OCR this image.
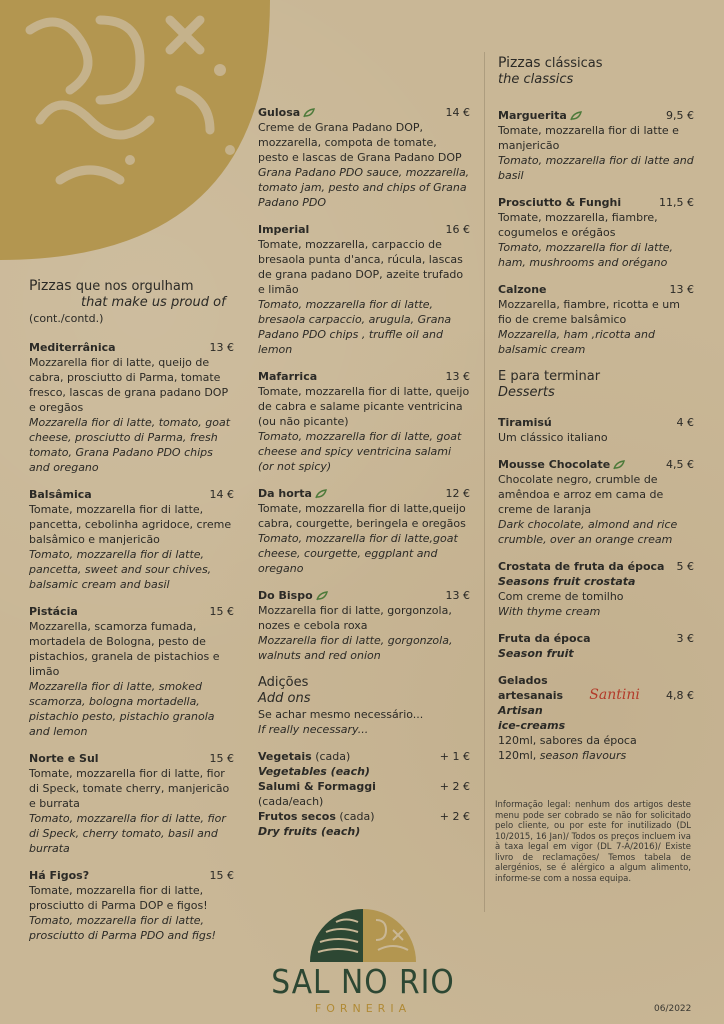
Pizzas que nos orgulham
that make us proud of
(cont./contd.)
Mediterrânica	13 €
Mozzarella fior di latte, queijo de cabra, prosciutto di Parma, tomate fresco, lascas de grana padano DOP e oregãos
Mozzarella fior di latte, tomato, goat cheese, prosciutto di Parma, fresh tomato, Grana Padano PDO chips and oregano
Balsâmica	14 €
Tomate, mozzarella fior di latte, pancetta, cebolinha agridoce, creme balsâmico e manjericão
Tomato, mozzarella fior di latte, pancetta, sweet and sour chives, balsamic cream and basil
Pistácia	15 €
Mozzarella, scamorza fumada, mortadela de Bologna, pesto de pistachios, granela de pistachios e limão
Mozzarella fior di latte, smoked scamorza, bologna mortadella, pistachio pesto, pistachio granola and lemon
Norte e Sul	15 €
Tomate, mozzarella fior di latte, fior di Speck, tomate cherry, manjericão e burrata
Tomato, mozzarella fior di latte, fior di Speck, cherry tomato, basil and burrata
Há Figos?	15 €
Tomate, mozzarella fior di latte, prosciutto di Parma DOP e figos!
Tomato, mozzarella fior di latte, prosciutto di Parma PDO and figs!
Gulosa	14 €
Creme de Grana Padano DOP, mozzarella, compota de tomate, pesto e lascas de Grana Padano DOP
Grana Padano PDO sauce, mozzarella, tomato jam, pesto and chips of Grana Padano PDO
Imperial	16 €
Tomate, mozzarella, carpaccio de bresaola punta d'anca, rúcula, lascas de grana padano DOP, azeite trufado e limão
Tomato, mozzarella fior di latte, bresaola carpaccio, arugula, Grana Padano PDO chips , truffle oil and lemon
Mafarrica	13 €
Tomate, mozzarella fior di latte, queijo de cabra e salame picante ventricina (ou não picante)
Tomato, mozzarella fior di latte, goat cheese and spicy ventricina salami (or not spicy)
Da horta	12 €
Tomate, mozzarella fior di latte,queijo cabra, courgette, beringela e oregãos
Tomato, mozzarella fior di latte,goat cheese, courgette, eggplant and oregano
Do Bispo	13 €
Mozzarella fior di latte, gorgonzola, nozes e cebola roxa
Mozzarella fior di latte, gorgonzola, walnuts and red onion
Adições
Add ons
Se achar mesmo necessário...
If really necessary...
Vegetais (cada)	+ 1 €
Vegetables (each)
Salumi & Formaggi	+ 2 €
(cada/each)
Frutos secos (cada)	+ 2 €
Dry fruits (each)
SAL NO RIO
FORNERIA
Pizzas clássicas
the classics
Marguerita	9,5 €
Tomate, mozzarella fior di latte e manjericão
Tomato, mozzarella fior di latte and basil
Prosciutto & Funghi	11,5 €
Tomate, mozzarella, fiambre, cogumelos e orégãos
Tomato, mozzarella fior di latte, ham, mushrooms and orégano
Calzone	13 €
Mozzarella, fiambre, ricotta e um fio de creme balsâmico
Mozzarella, ham ,ricotta and balsamic cream
E para terminar
Desserts
Tiramisú	4 €
Um clássico italiano
Mousse Chocolate	4,5 €
Chocolate negro, crumble de amêndoa e arroz em cama de creme de laranja
Dark chocolate, almond and rice crumble, over an orange cream
Crostata de fruta da época 5 €
Seasons fruit crostata
Com creme de tomilho
With thyme cream
Fruta da época	3 €
Season fruit
Gelados
artesanais Santini 4,8 €
Artisan
ice-creams
120ml, sabores da época
120ml, season flavours
Informação legal: nenhum dos artigos deste menu pode ser cobrado se não for solicitado pelo cliente, ou por este for inutilizado (DL 10/2015, 16 Jan)/ Todos os preços incluem iva à taxa legal em vigor (DL 7-A/2016)/ Existe livro de reclamações/ Temos tabela de alergénios, se é alérgico a algum alimento, informe-se com a nossa equipa.
06/2022
